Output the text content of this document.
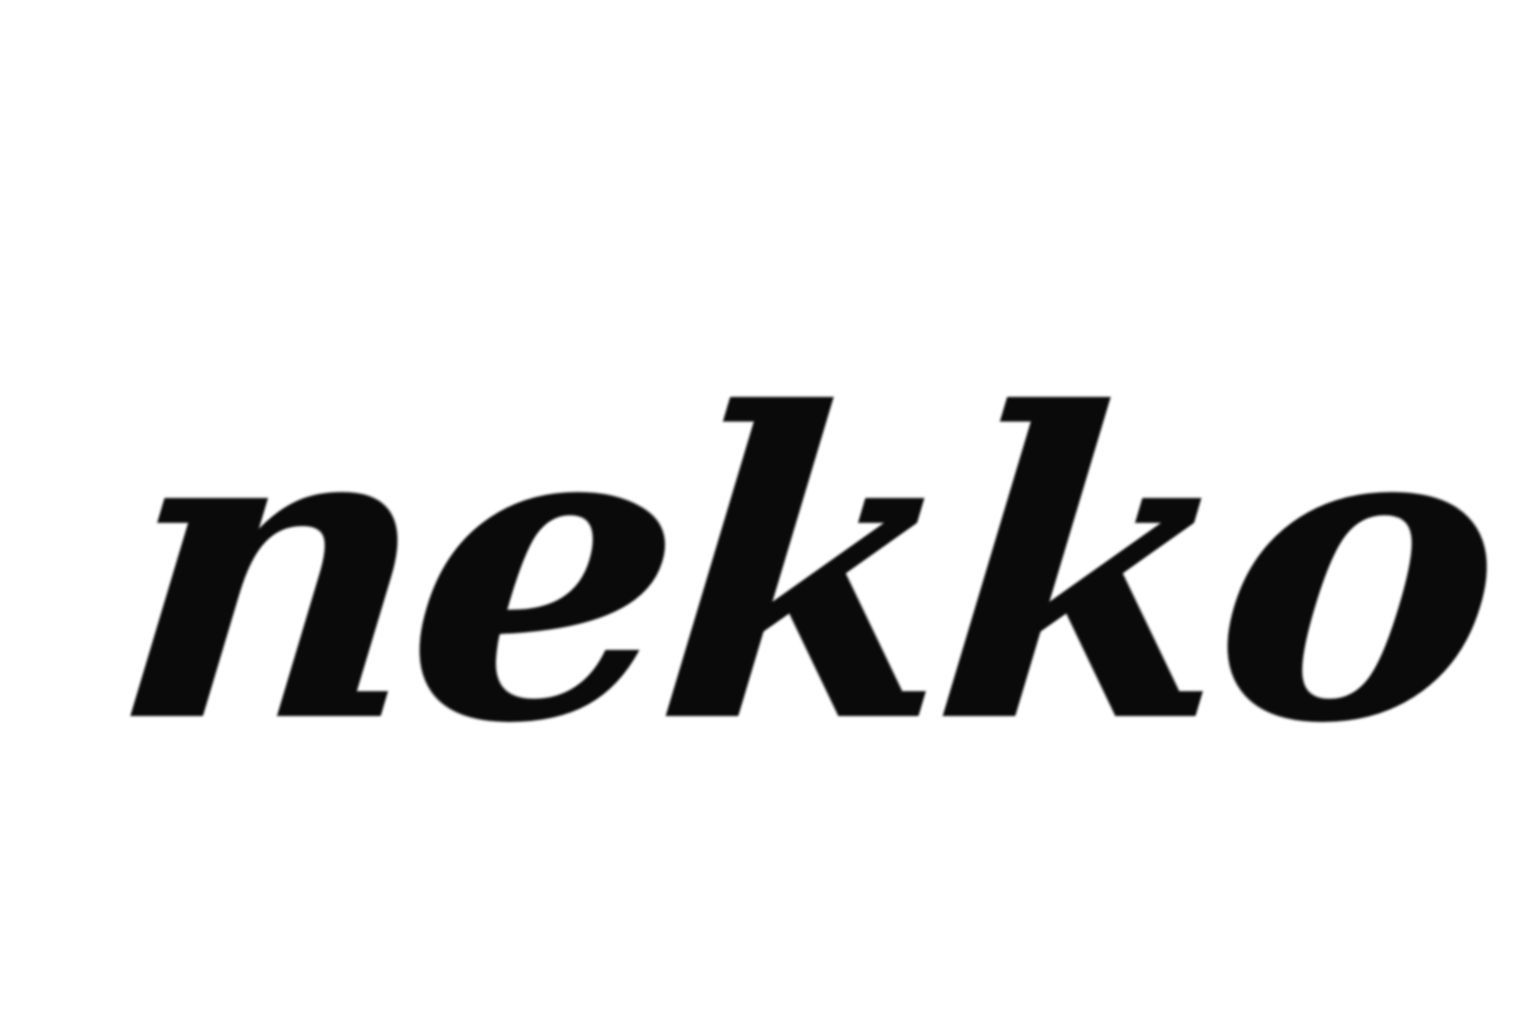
nekko
